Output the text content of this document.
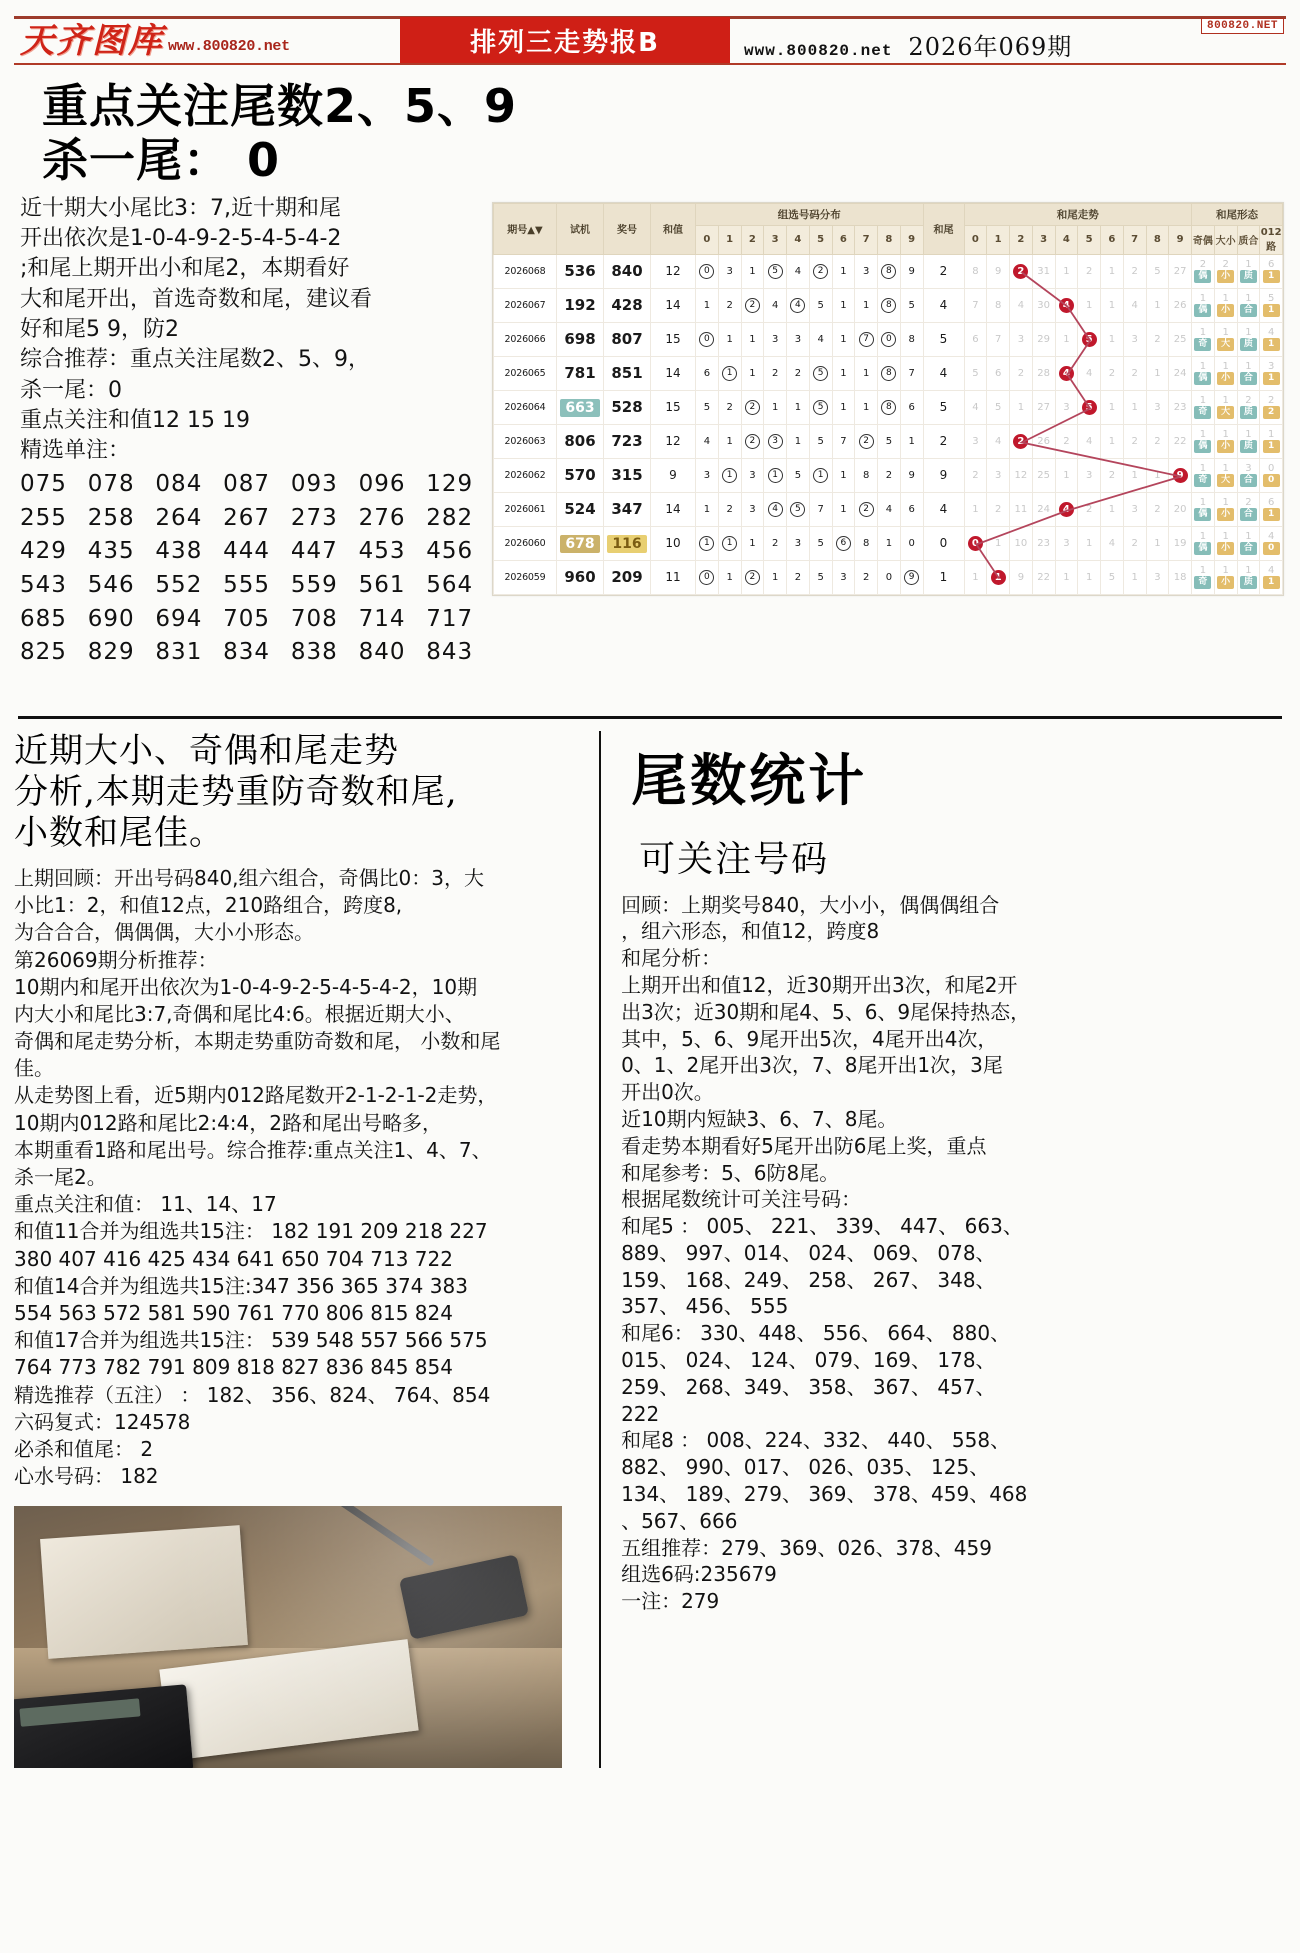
800820.NET
天齐图库 www.800820.net	排列三走势报B	www.800820.net 2026年069期
重点关注尾数2、5、9
杀一尾： 0
近十期大小尾比3：7,近十期和尾
开出依次是1-0-4-9-2-5-4-5-4-2
;和尾上期开出小和尾2，本期看好
大和尾开出，首选奇数和尾，建议看
好和尾5 9，防2
综合推荐：重点关注尾数2、5、9，
杀一尾：0
重点关注和值12 15 19
精选单注：
075 078 084 087 093 096 129
255 258 264 267 273 276 282
429 435 438 444 447 453 456
543 546 552 555 559 561 564
685 690 694 705 708 714 717
825 829 831 834 838 840 843
期号▲▼	试机	奖号	和值	组选号码分布										和尾	和尾走势										和尾形态			
				0	1	2	3	4	5	6	7	8	9		0	1	2	3	4	5	6	7	8	9	奇偶	大小	质合	012路
2026068	536	840	12	0	3	1	5	4	2	1	3	8	9	2	8	9	2	31	1	2	1	2	5	27	2 偶	2 小	1 质	6 1
2026067	192	428	14	1	2	2	4	4	5	1	1	8	5	4	7	8	4	30	4	1	1	4	1	26	1 偶	1 小	1 合	5 1
2026066	698	807	15	0	1	1	3	3	4	1	7	0	8	5	6	7	3	29	1	5	1	3	2	25	1 奇	1 大	1 质	4 1
2026065	781	851	14	6	1	1	2	2	5	1	1	8	7	4	5	6	2	28	4	4	2	2	1	24	1 偶	1 小	1 合	3 1
2026064	663	528	15	5	2	2	1	1	5	1	1	8	6	5	4	5	1	27	3	5	1	1	3	23	1 奇	1 大	2 质	2 2
2026063	806	723	12	4	1	2	3	1	5	7	2	5	1	2	3	4	2	26	2	4	1	2	2	22	1 偶	1 小	1 质	1 1
2026062	570	315	9	3	1	3	1	5	1	1	8	2	9	9	2	3	12	25	1	3	2	1	1	9	1 奇	1 大	3 合	0 0
2026061	524	347	14	1	2	3	4	5	7	1	2	4	6	4	1	2	11	24	4	2	1	3	2	20	1 偶	1 小	2 合	6 1
2026060	678	116	10	1	1	1	2	3	5	6	8	1	0	0	0	1	10	23	3	1	4	2	1	19	1 偶	1 小	1 合	4 0
2026059	960	209	11	0	1	2	1	2	5	3	2	0	9	1	1	1	9	22	1	1	5	1	3	18	1 奇	1 小	1 质	4 1
近期大小、奇偶和尾走势
分析,本期走势重防奇数和尾,
小数和尾佳。
上期回顾：开出号码840,组六组合，奇偶比0：3，大
小比1：2，和值12点，210路组合，跨度8,
为合合合，偶偶偶，大小小形态。
第26069期分析推荐：
10期内和尾开出依次为1-0-4-9-2-5-4-5-4-2，10期
内大小和尾比3:7,奇偶和尾比4:6。根据近期大小、
奇偶和尾走势分析，本期走势重防奇数和尾， 小数和尾
佳。
从走势图上看，近5期内012路尾数开2-1-2-1-2走势，
10期内012路和尾比2:4:4，2路和尾出号略多，
本期重看1路和尾出号。综合推荐:重点关注1、4、7、
杀一尾2。
重点关注和值： 11、14、17
和值11合并为组选共15注： 182 191 209 218 227
380 407 416 425 434 641 650 704 713 722
和值14合并为组选共15注:347 356 365 374 383
554 563 572 581 590 761 770 806 815 824
和值17合并为组选共15注： 539 548 557 566 575
764 773 782 791 809 818 827 836 845 854
精选推荐（五注） ： 182、 356、824、 764、854
六码复式：124578
必杀和值尾： 2
心水号码： 182
尾数统计
可关注号码
回顾：上期奖号840，大小小，偶偶偶组合
，组六形态，和值12，跨度8
和尾分析：
上期开出和值12，近30期开出3次，和尾2开
出3次；近30期和尾4、5、6、9尾保持热态，
其中，5、6、9尾开出5次，4尾开出4次，
0、1、2尾开出3次，7、8尾开出1次，3尾
开出0次。
近10期内短缺3、6、7、8尾。
看走势本期看好5尾开出防6尾上奖，重点
和尾参考：5、6防8尾。
根据尾数统计可关注号码：
和尾5 ： 005、 221、 339、 447、 663、
889、 997、014、 024、 069、 078、
159、 168、249、 258、 267、 348、
357、 456、 555
和尾6： 330、448、 556、 664、 880、
015、 024、 124、 079、169、 178、
259、 268、349、 358、 367、 457、
222
和尾8 ： 008、224、332、 440、 558、
882、 990、017、 026、035、 125、
134、 189、279、 369、 378、459、468
、567、666
五组推荐：279、369、026、378、459
组选6码:235679
一注：279
